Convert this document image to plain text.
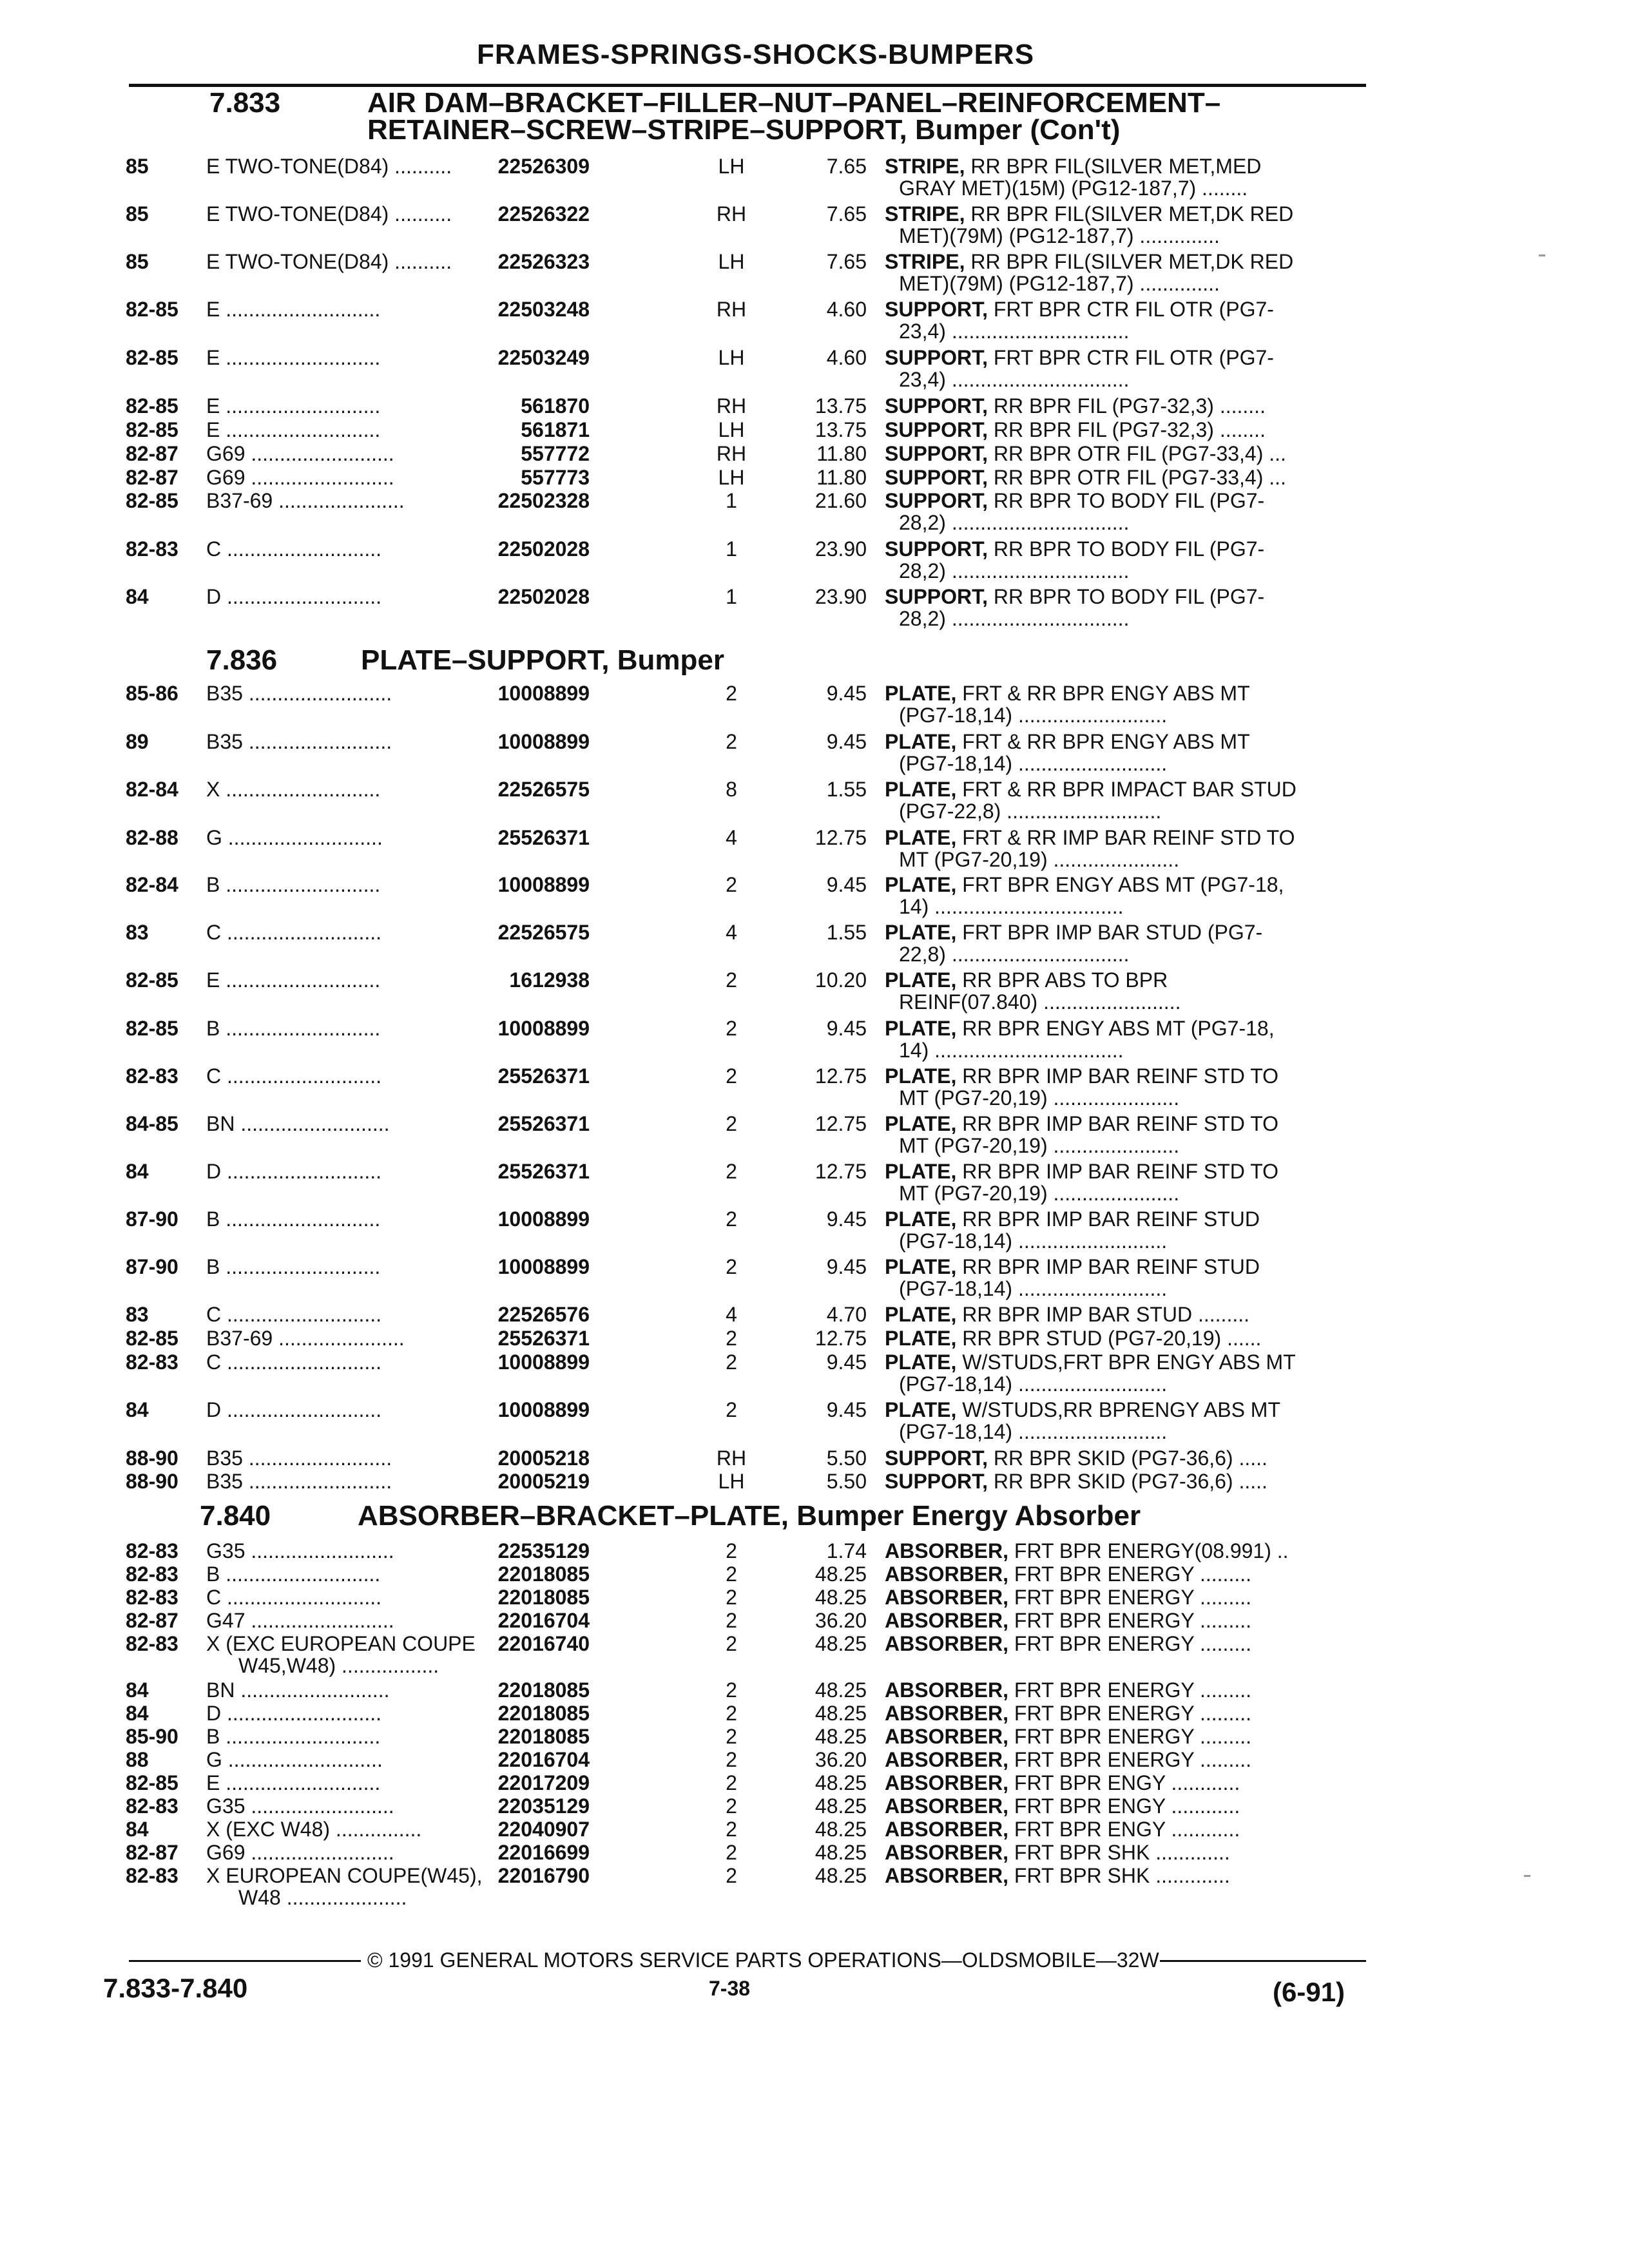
FRAMES-SPRINGS-SHOCKS-BUMPERS
7.833	AIR DAM–BRACKET–FILLER–NUT–PANEL–REINFORCEMENT–
RETAINER–SCREW–STRIPE–SUPPORT, Bumper (Con't)
85	E TWO-TONE(D84) ..........	22526309	LH	7.65 STRIPE, RR BPR FIL(SILVER MET,MED
GRAY MET)(15M) (PG12-187,7) ........
85	E TWO-TONE(D84) ..........	22526322	RH	7.65 STRIPE, RR BPR FIL(SILVER MET,DK RED
MET)(79M) (PG12-187,7) ..............
85	E TWO-TONE(D84) ..........	22526323	LH	7.65 STRIPE, RR BPR FIL(SILVER MET,DK RED
MET)(79M) (PG12-187,7) ..............
82-85 E ...........................	22503248	RH	4.60 SUPPORT, FRT BPR CTR FIL OTR (PG7-
23,4) ...............................
82-85 E ...........................	22503249	LH	4.60 SUPPORT, FRT BPR CTR FIL OTR (PG7-
23,4) ...............................
82-85 E ...........................	561870	RH	13.75 SUPPORT, RR BPR FIL (PG7-32,3) ........
82-85 E ...........................	561871	LH	13.75 SUPPORT, RR BPR FIL (PG7-32,3) ........
82-87 G69 .........................	557772	RH	11.80 SUPPORT, RR BPR OTR FIL (PG7-33,4) ...
82-87 G69 .........................	557773	LH	11.80 SUPPORT, RR BPR OTR FIL (PG7-33,4) ...
82-85 B37-69 ......................	22502328	1	21.60 SUPPORT, RR BPR TO BODY FIL (PG7-
28,2) ...............................
82-83 C ...........................	22502028	1	23.90 SUPPORT, RR BPR TO BODY FIL (PG7-
28,2) ...............................
84	D ...........................	22502028	1	23.90 SUPPORT, RR BPR TO BODY FIL (PG7-
28,2) ...............................
7.836	PLATE–SUPPORT, Bumper
85-86 B35 .........................	10008899	2	9.45 PLATE, FRT & RR BPR ENGY ABS MT
(PG7-18,14) ..........................
89	B35 .........................	10008899	2	9.45 PLATE, FRT & RR BPR ENGY ABS MT
(PG7-18,14) ..........................
82-84 X ...........................	22526575	8	1.55 PLATE, FRT & RR BPR IMPACT BAR STUD
(PG7-22,8) ...........................
82-88 G ...........................	25526371	4	12.75 PLATE, FRT & RR IMP BAR REINF STD TO
MT (PG7-20,19) ......................
82-84 B ...........................	10008899	2	9.45 PLATE, FRT BPR ENGY ABS MT (PG7-18,
14) .................................
83	C ...........................	22526575	4	1.55 PLATE, FRT BPR IMP BAR STUD (PG7-
22,8) ...............................
82-85 E ...........................	1612938	2	10.20 PLATE, RR BPR ABS TO BPR
REINF(07.840) ........................
82-85 B ...........................	10008899	2	9.45 PLATE, RR BPR ENGY ABS MT (PG7-18,
14) .................................
82-83 C ...........................	25526371	2	12.75 PLATE, RR BPR IMP BAR REINF STD TO
MT (PG7-20,19) ......................
84-85 BN ..........................	25526371	2	12.75 PLATE, RR BPR IMP BAR REINF STD TO
MT (PG7-20,19) ......................
84	D ...........................	25526371	2	12.75 PLATE, RR BPR IMP BAR REINF STD TO
MT (PG7-20,19) ......................
87-90 B ...........................	10008899	2	9.45 PLATE, RR BPR IMP BAR REINF STUD
(PG7-18,14) ..........................
87-90 B ...........................	10008899	2	9.45 PLATE, RR BPR IMP BAR REINF STUD
(PG7-18,14) ..........................
83	C ...........................	22526576	4	4.70 PLATE, RR BPR IMP BAR STUD .........
82-85 B37-69 ......................	25526371	2	12.75 PLATE, RR BPR STUD (PG7-20,19) ......
82-83 C ...........................	10008899	2	9.45 PLATE, W/STUDS,FRT BPR ENGY ABS MT
(PG7-18,14) ..........................
84	D ...........................	10008899	2	9.45 PLATE, W/STUDS,RR BPRENGY ABS MT
(PG7-18,14) ..........................
88-90 B35 .........................	20005218	RH	5.50 SUPPORT, RR BPR SKID (PG7-36,6) .....
88-90 B35 .........................	20005219	LH	5.50 SUPPORT, RR BPR SKID (PG7-36,6) .....
7.840	ABSORBER–BRACKET–PLATE, Bumper Energy Absorber
82-83 G35 .........................	22535129	2	1.74 ABSORBER, FRT BPR ENERGY(08.991) ..
82-83 B ...........................	22018085	2	48.25 ABSORBER, FRT BPR ENERGY .........
82-83 C ...........................	22018085	2	48.25 ABSORBER, FRT BPR ENERGY .........
82-87 G47 .........................	22016704	2	36.20 ABSORBER, FRT BPR ENERGY .........
82-83 X (EXC EUROPEAN COUPE
W45,W48) .................
22016740	2	48.25 ABSORBER, FRT BPR ENERGY .........
84	BN ..........................	22018085	2	48.25 ABSORBER, FRT BPR ENERGY .........
84	D ...........................	22018085	2	48.25 ABSORBER, FRT BPR ENERGY .........
85-90 B ...........................	22018085	2	48.25 ABSORBER, FRT BPR ENERGY .........
88	G ...........................	22016704	2	36.20 ABSORBER, FRT BPR ENERGY .........
82-85 E ...........................	22017209	2	48.25 ABSORBER, FRT BPR ENGY ............
82-83 G35 .........................	22035129	2	48.25 ABSORBER, FRT BPR ENGY ............
84	X (EXC W48) ...............	22040907	2	48.25 ABSORBER, FRT BPR ENGY ............
82-87 G69 .........................	22016699	2	48.25 ABSORBER, FRT BPR SHK .............
82-83 X EUROPEAN COUPE(W45),
W48 .....................
22016790	2	48.25 ABSORBER, FRT BPR SHK .............
© 1991 GENERAL MOTORS SERVICE PARTS OPERATIONS—OLDSMOBILE—32W
7.833-7.840	7-38	(6-91)
